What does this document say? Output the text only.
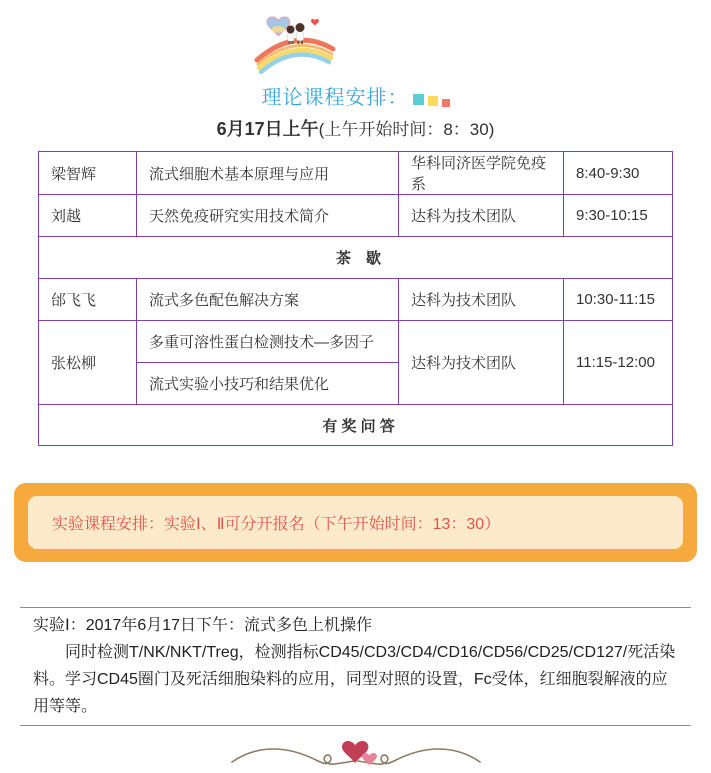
理论课程安排：
6月17日上午(上午开始时间：8：30)
梁智辉	流式细胞术基本原理与应用	华科同济医学院免疫系	8:40-9:30
刘越	天然免疫研究实用技术简介	达科为技术团队	9:30-10:15
茶　歇			
邰飞飞	流式多色配色解决方案	达科为技术团队	10:30-11:15
张松柳	多重可溶性蛋白检测技术—多因子	达科为技术团队	11:15-12:00
	流式实验小技巧和结果优化		
有 奖 问 答			
实验课程安排：实验Ⅰ、Ⅱ可分开报名（下午开始时间：13：30）

实验Ⅰ：2017年6月17日下午：流式多色上机操作

同时检测T/NK/NKT/Treg，检测指标CD45/CD3/CD4/CD16/CD56/CD25/CD127/死活染料。学习CD45圈门及死活细胞染料的应用，同型对照的设置，Fc受体，红细胞裂解液的应用等等。
